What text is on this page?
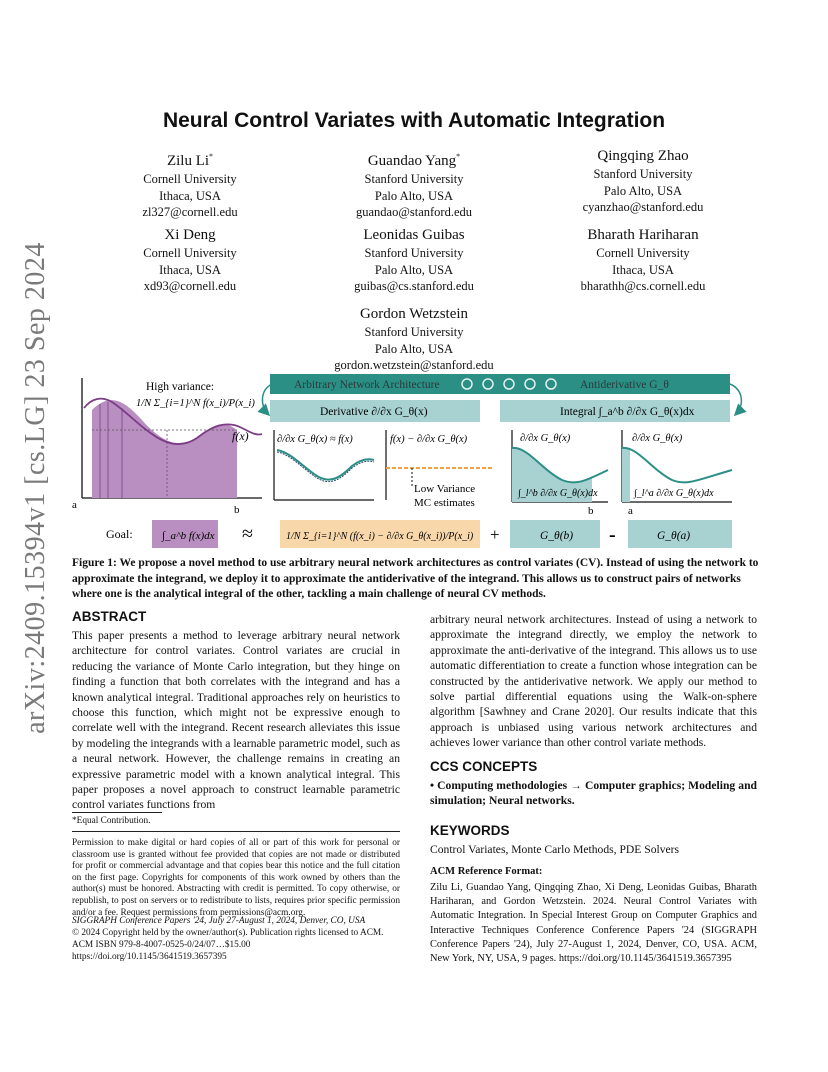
arXiv:2409.15394v1 [cs.LG] 23 Sep 2024
Neural Control Variates with Automatic Integration
Zilu Li*
Cornell University
Ithaca, USA
zl327@cornell.edu
Guandao Yang*
Stanford University
Palo Alto, USA
guandao@stanford.edu
Qingqing Zhao
Stanford University
Palo Alto, USA
cyanzhao@stanford.edu
Xi Deng
Cornell University
Ithaca, USA
xd93@cornell.edu
Leonidas Guibas
Stanford University
Palo Alto, USA
guibas@cs.stanford.edu
Bharath Hariharan
Cornell University
Ithaca, USA
bharathh@cs.cornell.edu
Gordon Wetzstein
Stanford University
Palo Alto, USA
gordon.wetzstein@stanford.edu
a	b
f(x)
High variance:
1/N Σ_{i=1}^N f(x_i)/P(x_i)
Arbitrary Network Architecture	Antiderivative G_θ
Derivative ∂/∂x G_θ(x)	Integral ∫_a^b ∂/∂x G_θ(x)dx
∂/∂x G_θ(x) ≈ f(x)	f(x) − ∂/∂x G_θ(x)
Low Variance
MC estimates
∂/∂x G_θ(x)
∫_l^b ∂/∂x G_θ(x)dx
b
∂/∂x G_θ(x)
∫_l^a ∂/∂x G_θ(x)dx
a
Goal:	∫_a^b f(x)dx ≈	1/N Σ_{i=1}^N (f(x_i) − ∂/∂x G_θ(x_i))/P(x_i) +	G_θ(b) -	G_θ(a)
Figure 1: We propose a novel method to use arbitrary neural network architectures as control variates (CV). Instead of using the network to approximate the integrand, we deploy it to approximate the antiderivative of the integrand. This allows us to construct pairs of networks where one is the analytical integral of the other, tackling a main challenge of neural CV methods.
ABSTRACT
This paper presents a method to leverage arbitrary neural network architecture for control variates. Control variates are crucial in reducing the variance of Monte Carlo integration, but they hinge on finding a function that both correlates with the integrand and has a known analytical integral. Traditional approaches rely on heuristics to choose this function, which might not be expressive enough to correlate well with the integrand. Recent research alleviates this issue by modeling the integrands with a learnable parametric model, such as a neural network. However, the challenge remains in creating an expressive parametric model with a known analytical integral. This paper proposes a novel approach to construct learnable parametric control variates functions from
*Equal Contribution.
Permission to make digital or hard copies of all or part of this work for personal or classroom use is granted without fee provided that copies are not made or distributed for profit or commercial advantage and that copies bear this notice and the full citation on the first page. Copyrights for components of this work owned by others than the author(s) must be honored. Abstracting with credit is permitted. To copy otherwise, or republish, to post on servers or to redistribute to lists, requires prior specific permission and/or a fee. Request permissions from permissions@acm.org.
SIGGRAPH Conference Papers '24, July 27-August 1, 2024, Denver, CO, USA
© 2024 Copyright held by the owner/author(s). Publication rights licensed to ACM.
ACM ISBN 979-8-4007-0525-0/24/07…$15.00
https://doi.org/10.1145/3641519.3657395
arbitrary neural network architectures. Instead of using a network to approximate the integrand directly, we employ the network to approximate the anti-derivative of the integrand. This allows us to use automatic differentiation to create a function whose integration can be constructed by the antiderivative network. We apply our method to solve partial differential equations using the Walk-on-sphere algorithm [Sawhney and Crane 2020]. Our results indicate that this approach is unbiased using various network architectures and achieves lower variance than other control variate methods.
CCS CONCEPTS
• Computing methodologies → Computer graphics; Modeling and simulation; Neural networks.
KEYWORDS
Control Variates, Monte Carlo Methods, PDE Solvers
ACM Reference Format:
Zilu Li, Guandao Yang, Qingqing Zhao, Xi Deng, Leonidas Guibas, Bharath Hariharan, and Gordon Wetzstein. 2024. Neural Control Variates with Automatic Integration. In Special Interest Group on Computer Graphics and Interactive Techniques Conference Conference Papers '24 (SIGGRAPH Conference Papers '24), July 27-August 1, 2024, Denver, CO, USA. ACM, New York, NY, USA, 9 pages. https://doi.org/10.1145/3641519.3657395
